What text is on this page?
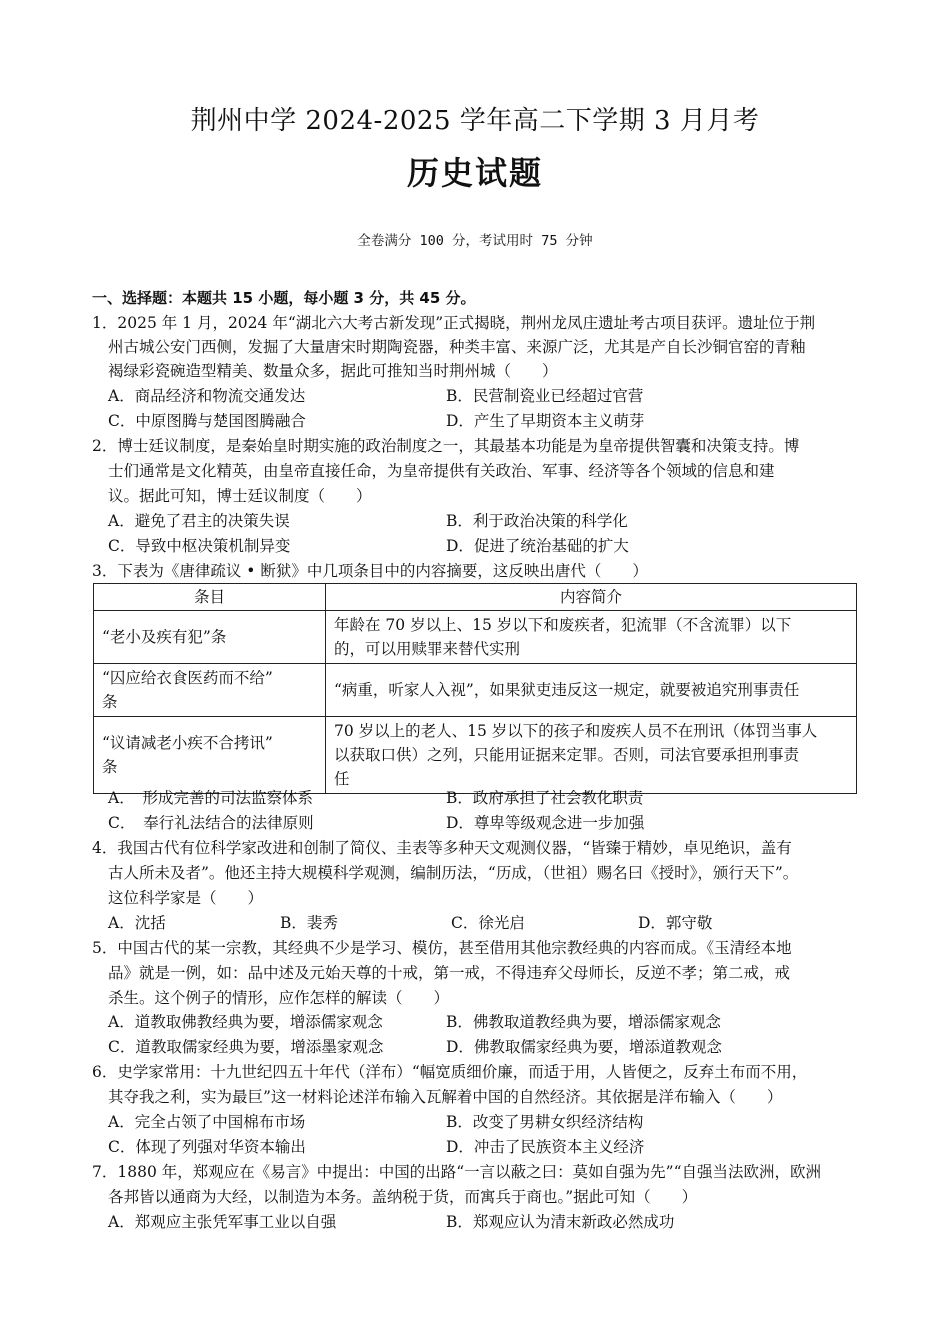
荆州中学 2024-2025 学年高二下学期 3 月月考
历史试题
全卷满分 100 分，考试用时 75 分钟
一、选择题：本题共 15 小题，每小题 3 分，共 45 分。
1．2025 年 1 月，2024 年“湖北六大考古新发现”正式揭晓，荆州龙凤庄遗址考古项目获评。遗址位于荆
州古城公安门西侧，发掘了大量唐宋时期陶瓷器，种类丰富、来源广泛，尤其是产自长沙铜官窑的青釉
褐绿彩瓷碗造型精美、数量众多，据此可推知当时荆州城（　　）
A．商品经济和物流交通发达	B．民营制瓷业已经超过官营
C．中原图腾与楚国图腾融合	D．产生了早期资本主义萌芽
2．博士廷议制度，是秦始皇时期实施的政治制度之一，其最基本功能是为皇帝提供智囊和决策支持。博
士们通常是文化精英，由皇帝直接任命，为皇帝提供有关政治、军事、经济等各个领域的信息和建
议。据此可知，博士廷议制度（　　）
A．避免了君主的决策失误	B．利于政治决策的科学化
C．导致中枢决策机制异变	D．促进了统治基础的扩大
3．下表为《唐律疏议 • 断狱》中几项条目中的内容摘要，这反映出唐代（　　）
条目	内容简介
“老小及疾有犯”条	年龄在 70 岁以上、15 岁以下和废疾者，犯流罪（不含流罪）以下
的，可以用赎罪来替代实刑
“囚应给衣食医药而不给”
条	“病重，听家人入视”，如果狱吏违反这一规定，就要被追究刑事责任
“议请减老小疾不合拷讯”
条	70 岁以上的老人、15 岁以下的孩子和废疾人员不在刑讯（体罚当事人
以获取口供）之列，只能用证据来定罪。否则，司法官要承担刑事责
任
A．　形成完善的司法监察体系	B．政府承担了社会教化职责
C．　奉行礼法结合的法律原则	D．尊卑等级观念进一步加强
4．我国古代有位科学家改进和创制了简仪、圭表等多种天文观测仪器，“皆臻于精妙，卓见绝识，盖有
古人所未及者”。他还主持大规模科学观测，编制历法，“历成，（世祖）赐名曰《授时》，颁行天下”。
这位科学家是（　　）
A．沈括	B．裴秀	C．徐光启	D．郭守敬
5．中国古代的某一宗教，其经典不少是学习、模仿，甚至借用其他宗教经典的内容而成。《玉清经本地
品》就是一例，如：品中述及元始天尊的十戒，第一戒，不得违弃父母师长，反逆不孝；第二戒，戒
杀生。这个例子的情形，应作怎样的解读（　　）
A．道教取佛教经典为要，增添儒家观念	B．佛教取道教经典为要，增添儒家观念
C．道教取儒家经典为要，增添墨家观念	D．佛教取儒家经典为要，增添道教观念
6．史学家常用：十九世纪四五十年代（洋布）“幅宽质细价廉，而适于用，人皆便之，反弃土布而不用，
其夺我之利，实为最巨”这一材料论述洋布输入瓦解着中国的自然经济。其依据是洋布输入（　　）
A．完全占领了中国棉布市场	B．改变了男耕女织经济结构
C．体现了列强对华资本输出	D．冲击了民族资本主义经济
7．1880 年，郑观应在《易言》中提出：中国的出路“一言以蔽之曰：莫如自强为先”“自强当法欧洲，欧洲
各邦皆以通商为大经，以制造为本务。盖纳税于货，而寓兵于商也。”据此可知（　　）
A．郑观应主张凭军事工业以自强	B．郑观应认为清末新政必然成功
